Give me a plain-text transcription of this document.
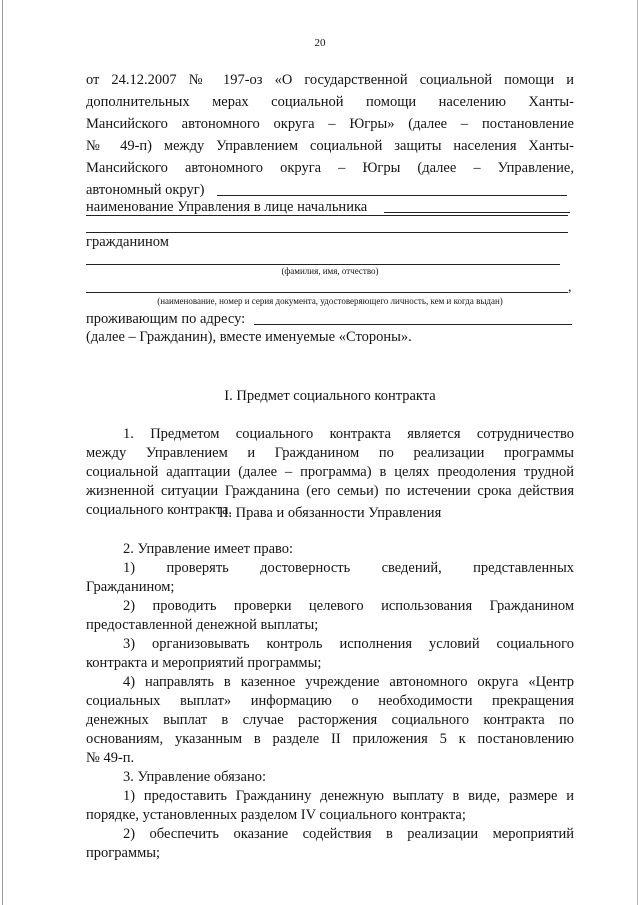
20
от 24.12.2007 № 197-оз «О государственной социальной помощи и
дополнительных мерах социальной помощи населению Ханты-
Мансийского автономного округа – Югры» (далее – постановление
№ 49-п) между Управлением социальной защиты населения Ханты-
Мансийского автономного округа – Югры (далее – Управление,
автономный округ)
наименование Управления в лице начальника
гражданином
(фамилия, имя, отчество)
,
(наименование, номер и серия документа, удостоверяющего личность, кем и когда выдан)
проживающим по адресу:
(далее – Гражданин), вместе именуемые «Стороны».
I. Предмет социального контракта
1. Предметом социального контракта является сотрудничество
между Управлением и Гражданином по реализации программы
социальной адаптации (далее – программа) в целях преодоления трудной
жизненной ситуации Гражданина (его семьи) по истечении срока действия
социального контракта.
II. Права и обязанности Управления
2. Управление имеет право:
1) проверять достоверность сведений, представленных
Гражданином;
2) проводить проверки целевого использования Гражданином
предоставленной денежной выплаты;
3) организовывать контроль исполнения условий социального
контракта и мероприятий программы;
4) направлять в казенное учреждение автономного округа «Центр
социальных выплат» информацию о необходимости прекращения
денежных выплат в случае расторжения социального контракта по
основаниям, указанным в разделе II приложения 5 к постановлению
№ 49-п.
3. Управление обязано:
1) предоставить Гражданину денежную выплату в виде, размере и
порядке, установленных разделом IV социального контракта;
2) обеспечить оказание содействия в реализации мероприятий
программы;
